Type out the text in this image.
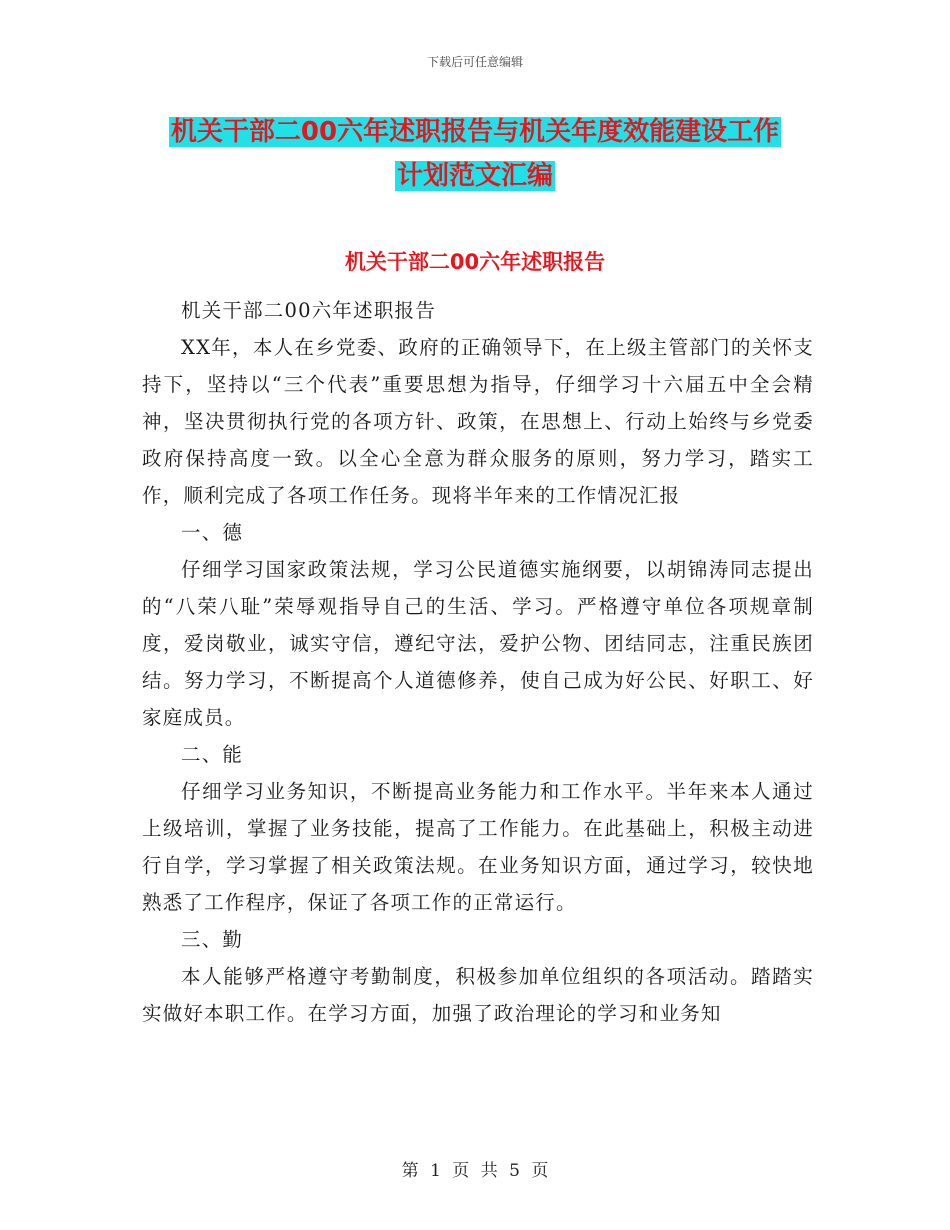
下载后可任意编辑
机关干部二00六年述职报告与机关年度效能建设工作
计划范文汇编
机关干部二00六年述职报告

机关干部二00六年述职报告

XX年，本人在乡党委、政府的正确领导下，在上级主管部门的关怀支持下，坚持以“三个代表”重要思想为指导，仔细学习十六届五中全会精神，坚决贯彻执行党的各项方针、政策，在思想上、行动上始终与乡党委政府保持高度一致。以全心全意为群众服务的原则，努力学习，踏实工作，顺利完成了各项工作任务。现将半年来的工作情况汇报

一、德

仔细学习国家政策法规，学习公民道德实施纲要，以胡锦涛同志提出的“八荣八耻”荣辱观指导自己的生活、学习。严格遵守单位各项规章制度，爱岗敬业，诚实守信，遵纪守法，爱护公物、团结同志，注重民族团结。努力学习，不断提高个人道德修养，使自己成为好公民、好职工、好家庭成员。

二、能

仔细学习业务知识，不断提高业务能力和工作水平。半年来本人通过上级培训，掌握了业务技能，提高了工作能力。在此基础上，积极主动进行自学，学习掌握了相关政策法规。在业务知识方面，通过学习，较快地熟悉了工作程序，保证了各项工作的正常运行。

三、勤

本人能够严格遵守考勤制度，积极参加单位组织的各项活动。踏踏实实做好本职工作。在学习方面，加强了政治理论的学习和业务知

第 1 页 共 5 页
